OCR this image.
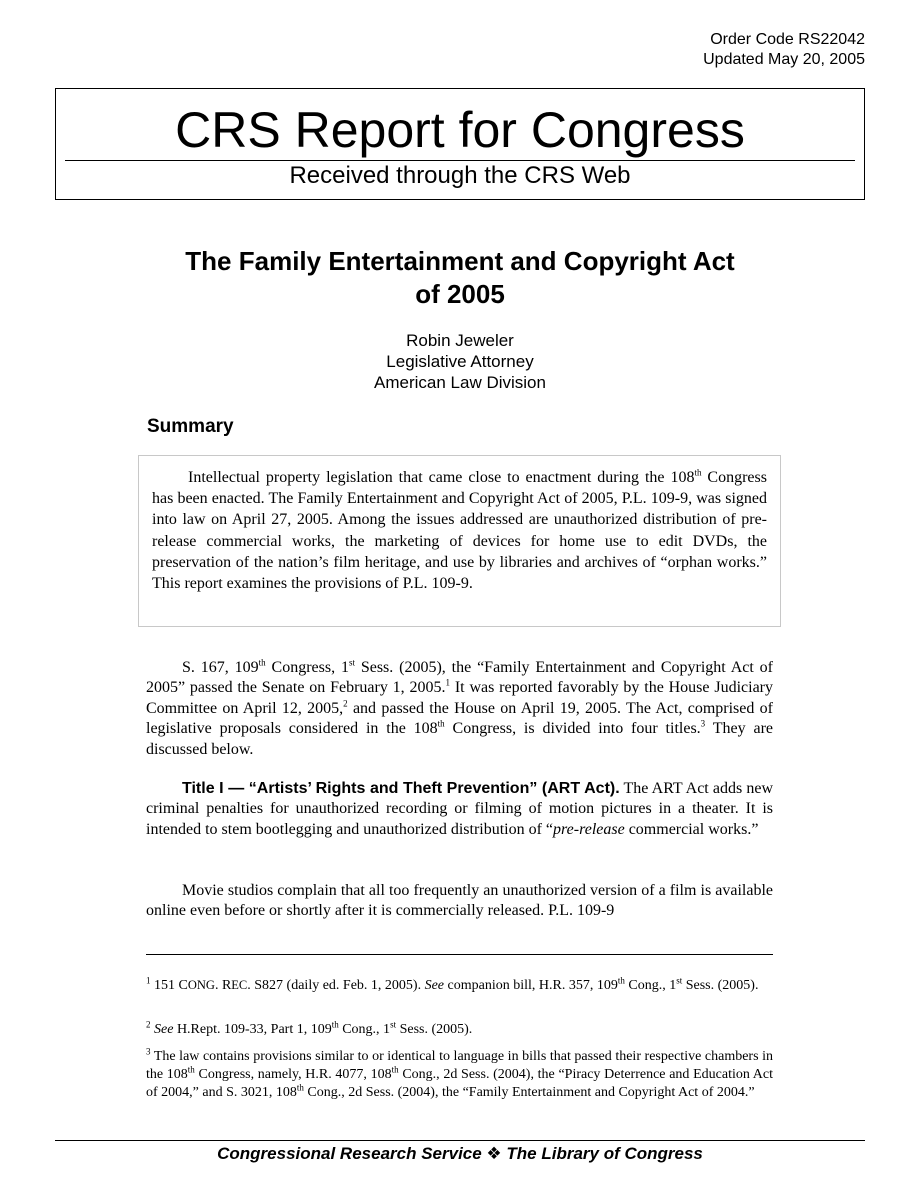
Order Code RS22042
Updated May 20, 2005
CRS Report for Congress
Received through the CRS Web
The Family Entertainment and Copyright Act
of 2005
Robin Jeweler
Legislative Attorney
American Law Division
Summary
Intellectual property legislation that came close to enactment during the 108th Congress has been enacted. The Family Entertainment and Copyright Act of 2005, P.L. 109-9, was signed into law on April 27, 2005. Among the issues addressed are unauthorized distribution of pre-release commercial works, the marketing of devices for home use to edit DVDs, the preservation of the nation’s film heritage, and use by libraries and archives of “orphan works.” This report examines the provisions of P.L. 109-9.
S. 167, 109th Congress, 1st Sess. (2005), the “Family Entertainment and Copyright Act of 2005” passed the Senate on February 1, 2005.$^1$ It was reported favorably by the House Judiciary Committee on April 12, 2005,$^2$ and passed the House on April 19, 2005. The Act, comprised of legislative proposals considered in the 108th Congress, is divided into four titles.$^3$ They are discussed below.
Title I — “Artists’ Rights and Theft Prevention” (ART Act). The ART Act adds new criminal penalties for unauthorized recording or filming of motion pictures in a theater. It is intended to stem bootlegging and unauthorized distribution of “pre-release commercial works.”
Movie studios complain that all too frequently an unauthorized version of a film is available online even before or shortly after it is commercially released. P.L. 109-9
$^1$ 151 CONG. REC. S827 (daily ed. Feb. 1, 2005). See companion bill, H.R. 357, 109th Cong., 1st Sess. (2005).
$^2$ See H.Rept. 109-33, Part 1, 109th Cong., 1st Sess. (2005).
$^3$ The law contains provisions similar to or identical to language in bills that passed their respective chambers in the 108th Congress, namely, H.R. 4077, 108th Cong., 2d Sess. (2004), the “Piracy Deterrence and Education Act of 2004,” and S. 3021, 108th Cong., 2d Sess. (2004), the “Family Entertainment and Copyright Act of 2004.”
Congressional Research Service ❖ The Library of Congress
